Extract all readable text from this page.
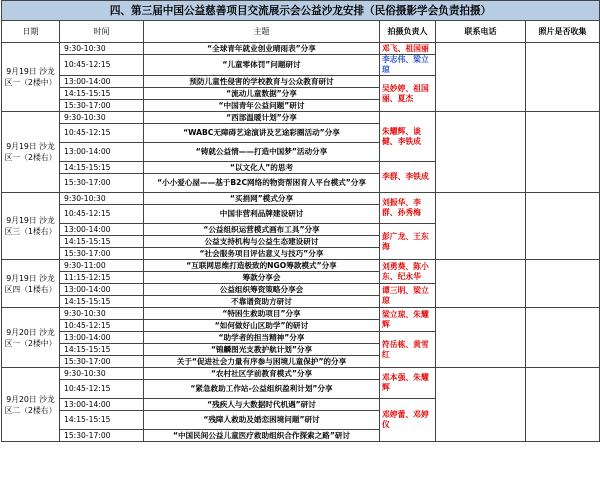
四、第三届中国公益慈善项目交流展示会公益沙龙安排（民俗摄影学会负责拍摄）					
日期	时间	主题	拍摄负责人	联系电话	照片是否收集
9月19日 沙龙区一（2楼中）	9:30-10:30	“全球青年就业创业晴雨表”分享	邓飞、祖国丽		
	10:45-12:15	“儿童零体罚”问题研讨	李志伟、梁立琼		
	13:00-14:00	预防儿童性侵害的学校教育与公众教育研讨	吴妙婷、祖国丽、夏杰		
	14:15-15:15	“流动儿童数据”分享			
	15:30-17:00	“中国青年公益问题”研讨			
9月19日 沙龙区一（2楼右）	9:30-10:30	“西部温暖计划”分享	朱耀辉、谈健、李铁成		
	10:45-12:15	“WABC无障碍艺途演讲及艺途彩圈活动”分享			
	13:00-14:00	“铸就公益情——打造中国梦”活动分享			
	14:15-15:15	“以文化人”的思考	李群、李铁成		
	15:30-17:00	“小小爱心屋——基于B2C网络的物资帮困育人平台模式”分享			
9月19日 沙龙区三（1楼右）	9:30-10:30	“买捐网”模式分享	刘振华、李群、孙秀梅		
	10:45-12:15	中国非营利品牌建设研讨			
	13:00-14:00	“公益组织运营模式画布工具”分享	彭广龙、王东海		
	14:15-15:15	公益支持机构与公益生态建设研讨			
	15:30-17:00	“社会服务项目评估意义与技巧”分享			
9月19日 沙龙区四（1楼右）	9:30-11:00	“互联网思维打造极致的NGO筹款模式”分享	刘勇葵、陈小东、纪永华		
	11:15-12:15	筹款分享会			
	13:00-14:00	公益组织筹资策略分享会	谭三明、梁立琼		
	14:15-15:15	不靠谱资助方研讨			
9月20日 沙龙区一（2楼中）	9:30-10:30	“特困生救助项目”分享	梁立琼、朱耀辉		
	10:45-12:15	“如何做好山区助学”的研讨			
	13:00-14:00	“助学者的担当精神”分享	符岳栋、黄雪红		
	14:15-15:15	“锦麟图光支教护航计划”分享			
	15:30-17:00	关于“促进社会力量有序参与困境儿童保护”的分享			
9月20日 沙龙区二（2楼右）	9:30-10:30	“农村社区学前教育模式”分享	邓本强、朱耀辉		
	10:45-12:15	“紧急救助工作站-公益组织盈利计划”分享			
	13:00-14:00	“残疾人与大数据时代机遇”研讨	邓婷蕾、邓婷仪		
	14:15-15:15	“残障人救助及婚恋困境问题”研讨			
	15:30-17:00	“中国民间公益儿童医疗救助组织合作探索之路”研讨			
